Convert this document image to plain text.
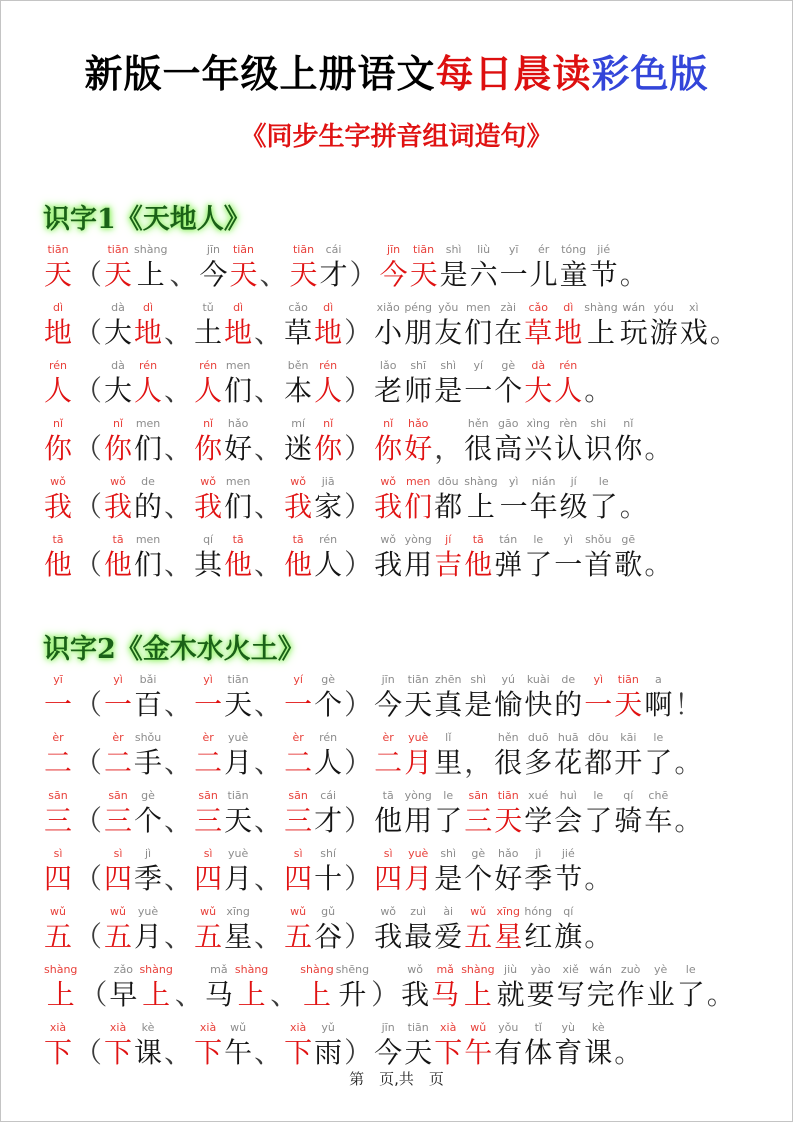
新版一年级上册语文每日晨读彩色版
《同步生字拼音组词造句》
识字1《天地人》
tiān
天 （
tiān
天
shàng
上 、
jīn
今
tiān
天 、
tiān
天
cái
才 ）
jīn
今
tiān
天
shì
是
liù
六
yī
一
ér
儿
tóng
童
jié
节 。
dì
地 （
dà
大
dì
地 、
tǔ
土
dì
地 、
cǎo
草
dì
地 ）
xiǎo
小
péng
朋
yǒu
友
men
们
zài
在
cǎo
草
dì
地
shàng
上
wán
玩
yóu
游
xì
戏 。
rén
人 （
dà
大
rén
人 、
rén
人
men
们 、
běn
本
rén
人 ）
lǎo
老
shī
师
shì
是
yí
一
gè
个
dà
大
rén
人 。
nǐ
你 （
nǐ
你
men
们 、
nǐ
你
hǎo
好 、
mí
迷
nǐ
你 ）
nǐ
你
hǎo
好 ，
hěn
很
gāo
高
xìng
兴
rèn
认
shi
识
nǐ
你 。
wǒ
我 （
wǒ
我
de
的 、
wǒ
我
men
们 、
wǒ
我
jiā
家 ）
wǒ
我
men
们
dōu
都
shàng
上
yì
一
nián
年
jí
级
le
了 。
tā
他 （
tā
他
men
们 、
qí
其
tā
他 、
tā
他
rén
人 ）
wǒ
我
yòng
用
jí
吉
tā
他
tán
弹
le
了
yì
一
shǒu
首
gē
歌 。
识字2《金木水火土》
yī
一 （
yì
一
bǎi
百 、
yì
一
tiān
天 、
yí
一
gè
个 ）
jīn
今
tiān
天
zhēn
真
shì
是
yú
愉
kuài
快
de
的
yì
一
tiān
天
a
啊 ！
èr
二 （
èr
二
shǒu
手 、
èr
二
yuè
月 、
èr
二
rén
人 ）
èr
二
yuè
月
lǐ
里 ，
hěn
很
duō
多
huā
花
dōu
都
kāi
开
le
了 。
sān
三 （
sān
三
gè
个 、
sān
三
tiān
天 、
sān
三
cái
才 ）
tā
他
yòng
用
le
了
sān
三
tiān
天
xué
学
huì
会
le
了
qí
骑
chē
车 。
sì
四 （
sì
四
jì
季 、
sì
四
yuè
月 、
sì
四
shí
十 ）
sì
四
yuè
月
shì
是
gè
个
hǎo
好
jì
季
jié
节 。
wǔ
五 （
wǔ
五
yuè
月 、
wǔ
五
xīng
星 、
wǔ
五
gǔ
谷 ）
wǒ
我
zuì
最
ài
爱
wǔ
五
xīng
星
hóng
红
qí
旗 。
shàng
上 （
zǎo
早
shàng
上 、
mǎ
马
shàng
上 、
shàng
上
shēng
升 ）
wǒ
我
mǎ
马
shàng
上
jiù
就
yào
要
xiě
写
wán
完
zuò
作
yè
业
le
了 。
xià
下 （
xià
下
kè
课 、
xià
下
wǔ
午 、
xià
下
yǔ
雨 ）
jīn
今
tiān
天
xià
下
wǔ
午
yǒu
有
tǐ
体
yù
育
kè
课 。
第　页,共　页
